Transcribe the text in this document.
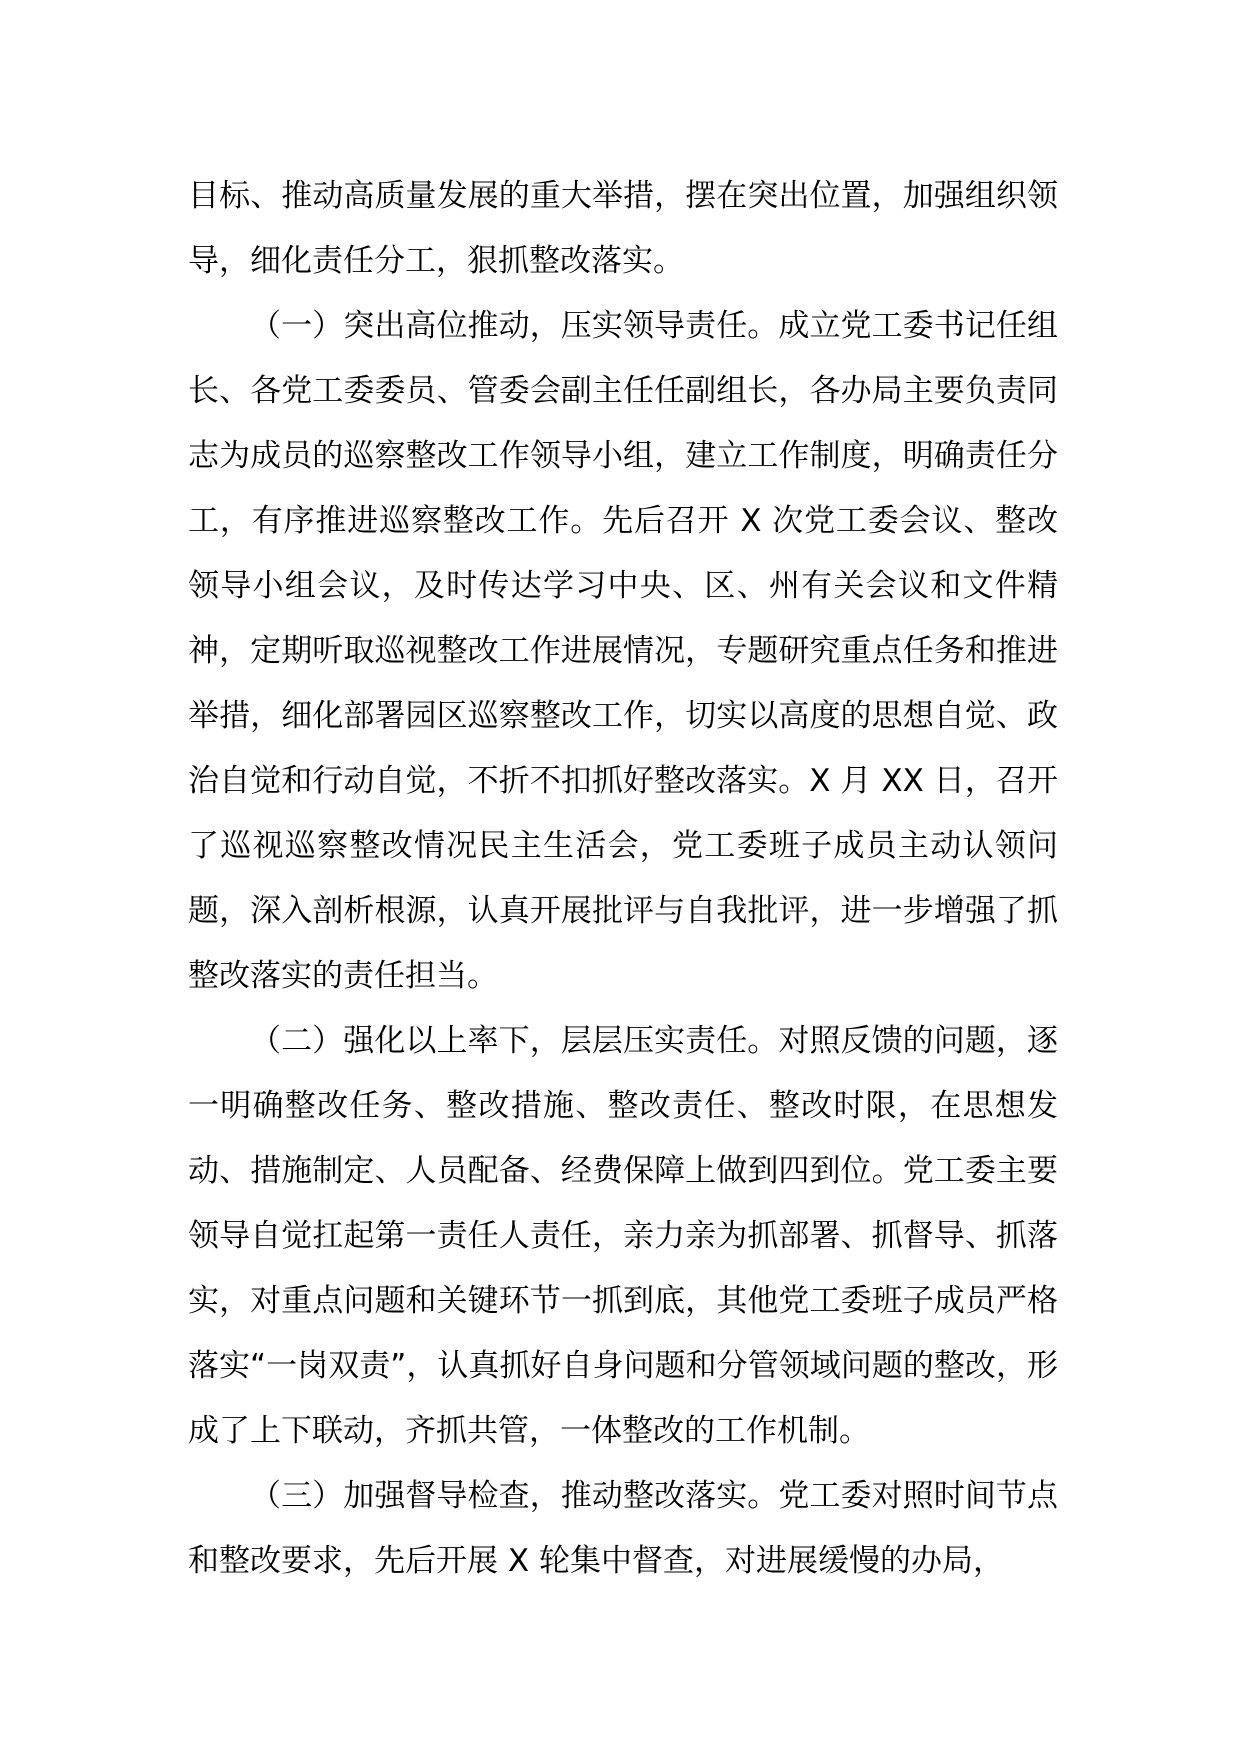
目标、推动高质量发展的重大举措，摆在突出位置，加强组织领导，细化责任分工，狠抓整改落实。

（一）突出高位推动，压实领导责任。成立党工委书记任组长、各党工委委员、管委会副主任任副组长，各办局主要负责同志为成员的巡察整改工作领导小组，建立工作制度，明确责任分工，有序推进巡察整改工作。先后召开 X 次党工委会议、整改领导小组会议，及时传达学习中央、区、州有关会议和文件精神，定期听取巡视整改工作进展情况，专题研究重点任务和推进举措，细化部署园区巡察整改工作，切实以高度的思想自觉、政治自觉和行动自觉，不折不扣抓好整改落实。X 月 XX 日，召开了巡视巡察整改情况民主生活会，党工委班子成员主动认领问题，深入剖析根源，认真开展批评与自我批评，进一步增强了抓整改落实的责任担当。

（二）强化以上率下，层层压实责任。对照反馈的问题，逐一明确整改任务、整改措施、整改责任、整改时限，在思想发动、措施制定、人员配备、经费保障上做到四到位。党工委主要领导自觉扛起第一责任人责任，亲力亲为抓部署、抓督导、抓落实，对重点问题和关键环节一抓到底，其他党工委班子成员严格落实“一岗双责”，认真抓好自身问题和分管领域问题的整改，形成了上下联动，齐抓共管，一体整改的工作机制。

（三）加强督导检查，推动整改落实。党工委对照时间节点和整改要求，先后开展 X 轮集中督查，对进展缓慢的办局，
